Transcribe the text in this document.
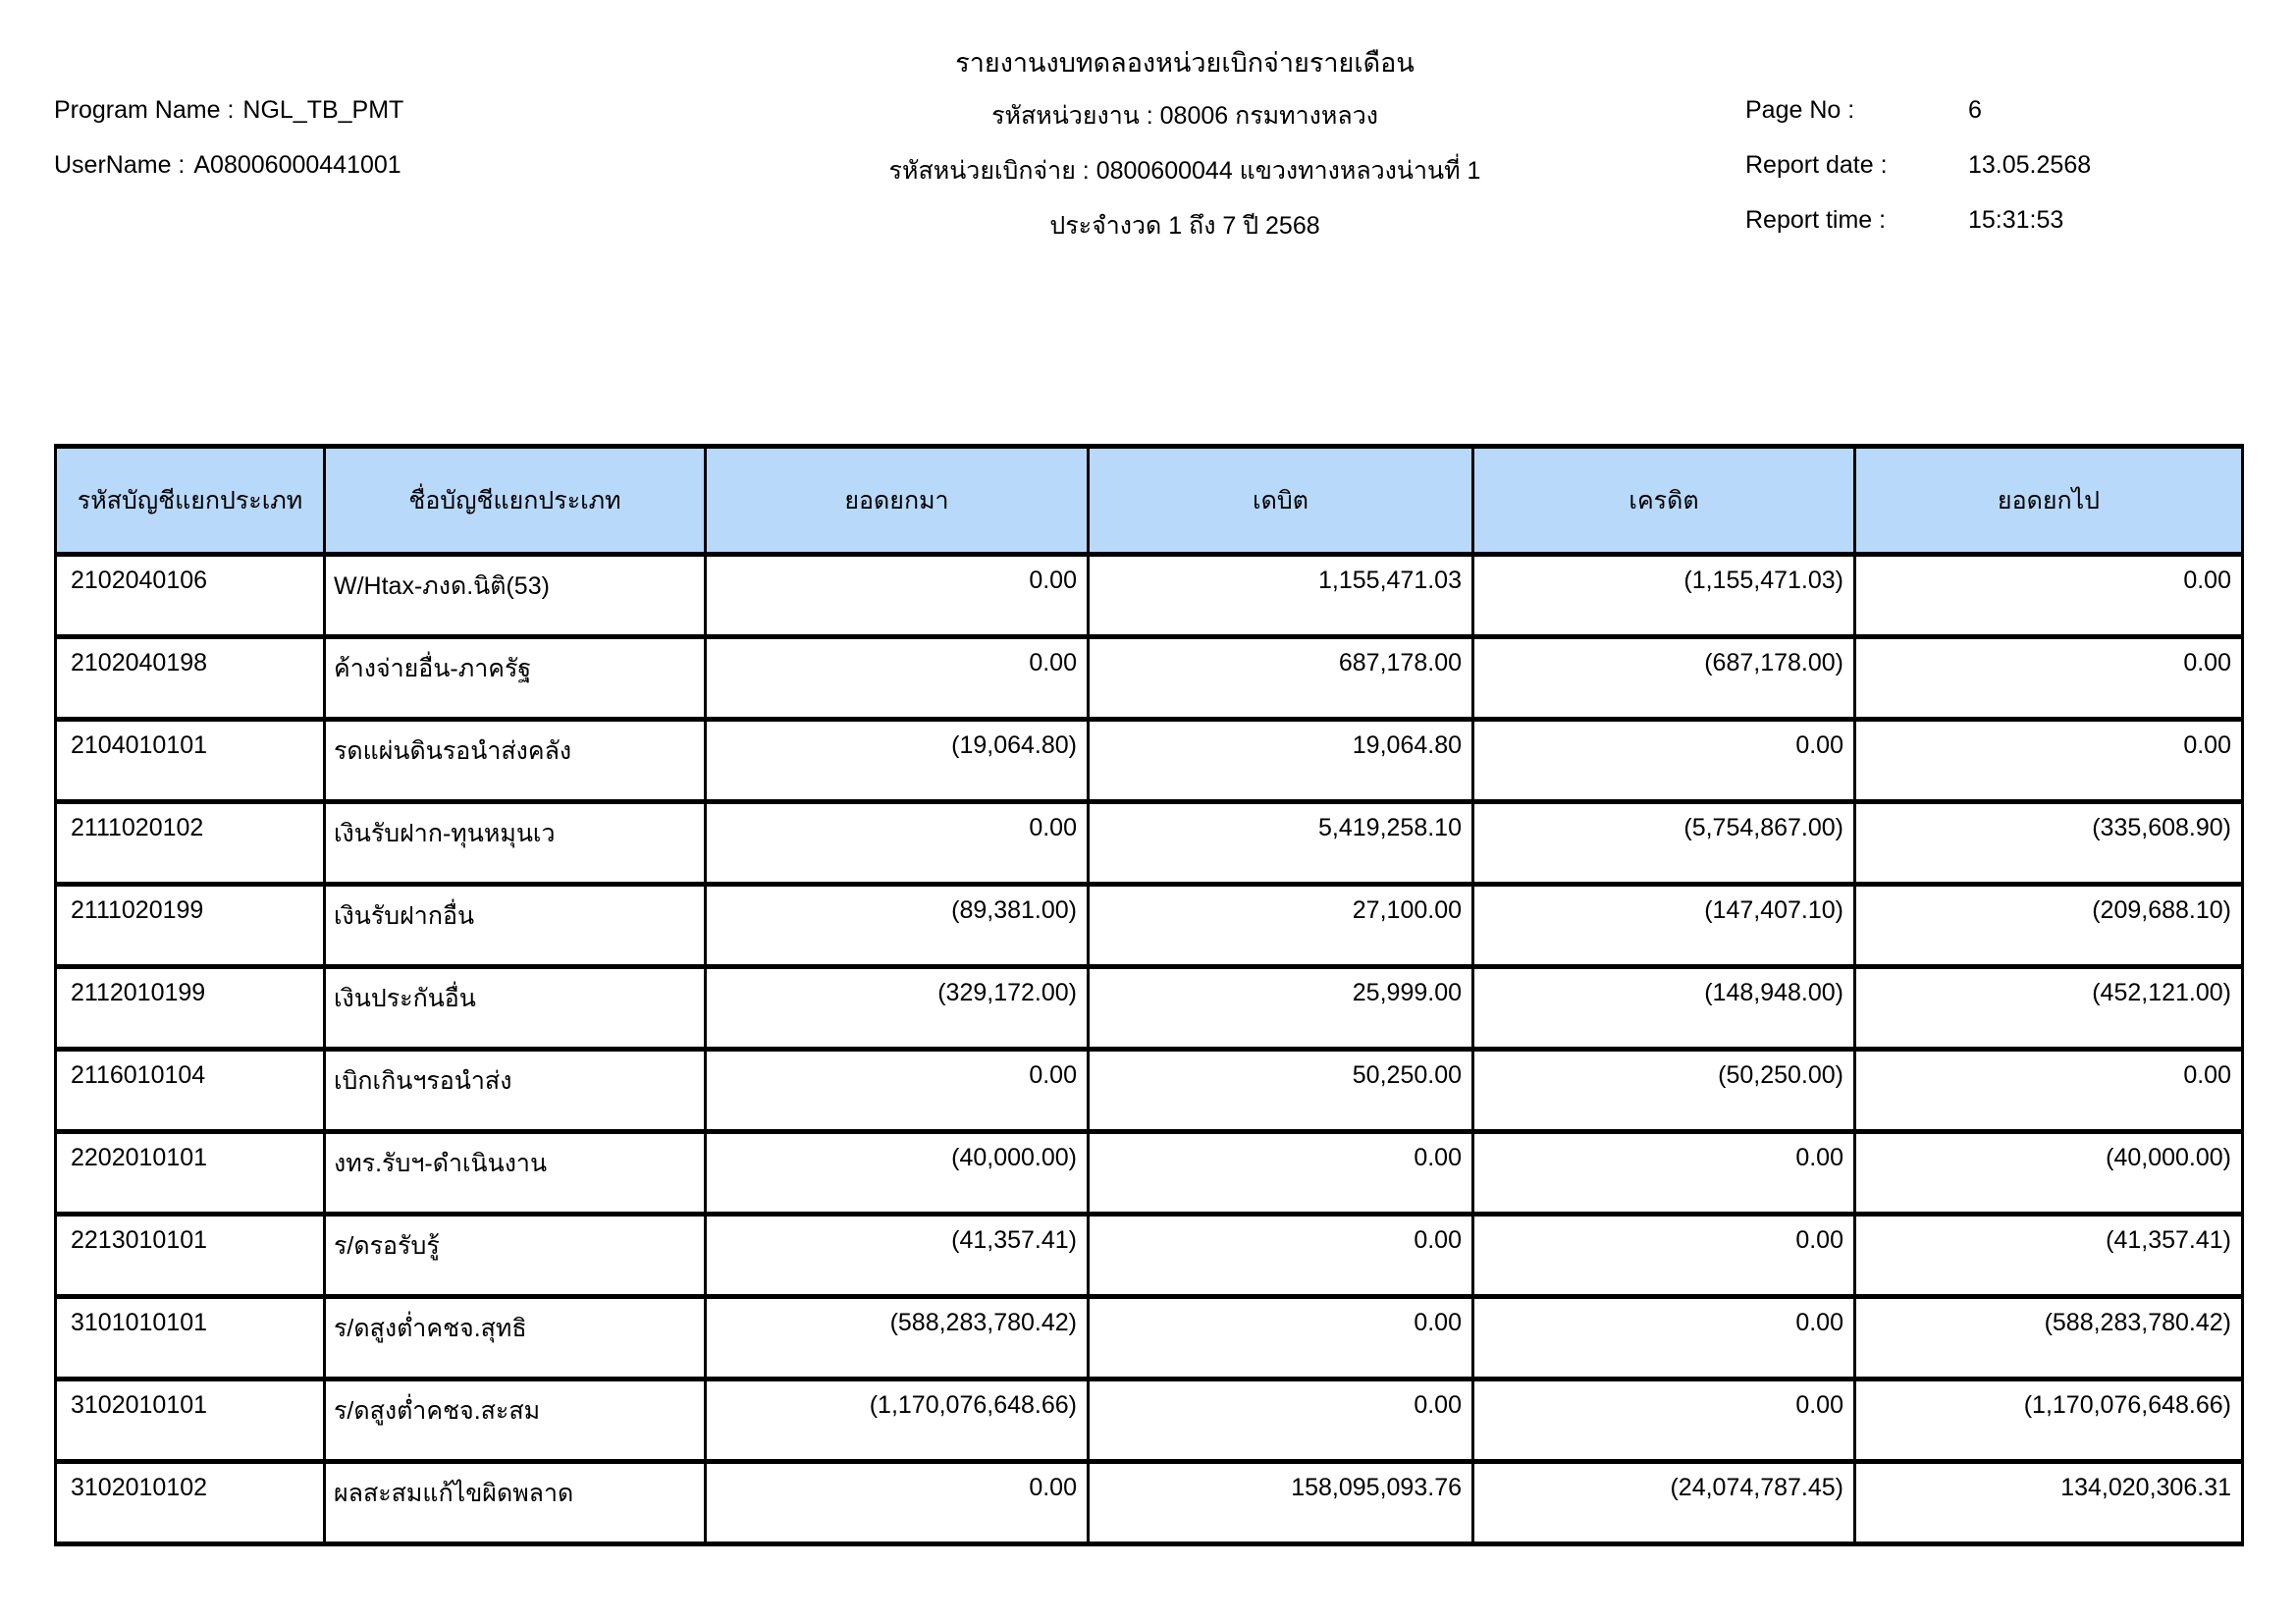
รายงานงบทดลองหน่วยเบิกจ่ายรายเดือน
Program Name : NGL_TB_PMT	รหัสหน่วยงาน : 08006 กรมทางหลวง	Page No :	6
UserName : A08006000441001	รหัสหน่วยเบิกจ่าย : 0800600044 แขวงทางหลวงน่านที่ 1	Report date :	13.05.2568
ประจำงวด 1 ถึง 7 ปี 2568	Report time :	15:31:53
รหัสบัญชีแยกประเภท	ชื่อบัญชีแยกประเภท	ยอดยกมา	เดบิต	เครดิต	ยอดยกไป
2102040106	W/Htax-ภงด.นิติ(53)	0.00	1,155,471.03	(1,155,471.03)	0.00
2102040198	ค้างจ่ายอื่น-ภาครัฐ	0.00	687,178.00	(687,178.00)	0.00
2104010101	รดแผ่นดินรอนำส่งคลัง	(19,064.80)	19,064.80	0.00	0.00
2111020102	เงินรับฝาก-ทุนหมุนเว	0.00	5,419,258.10	(5,754,867.00)	(335,608.90)
2111020199	เงินรับฝากอื่น	(89,381.00)	27,100.00	(147,407.10)	(209,688.10)
2112010199	เงินประกันอื่น	(329,172.00)	25,999.00	(148,948.00)	(452,121.00)
2116010104	เบิกเกินฯรอนำส่ง	0.00	50,250.00	(50,250.00)	0.00
2202010101	งทร.รับฯ-ดำเนินงาน	(40,000.00)	0.00	0.00	(40,000.00)
2213010101	ร/ดรอรับรู้	(41,357.41)	0.00	0.00	(41,357.41)
3101010101	ร/ดสูงต่ำคชจ.สุทธิ	(588,283,780.42)	0.00	0.00	(588,283,780.42)
3102010101	ร/ดสูงต่ำคชจ.สะสม	(1,170,076,648.66)	0.00	0.00	(1,170,076,648.66)
3102010102	ผลสะสมแก้ไขผิดพลาด	0.00	158,095,093.76	(24,074,787.45)	134,020,306.31
